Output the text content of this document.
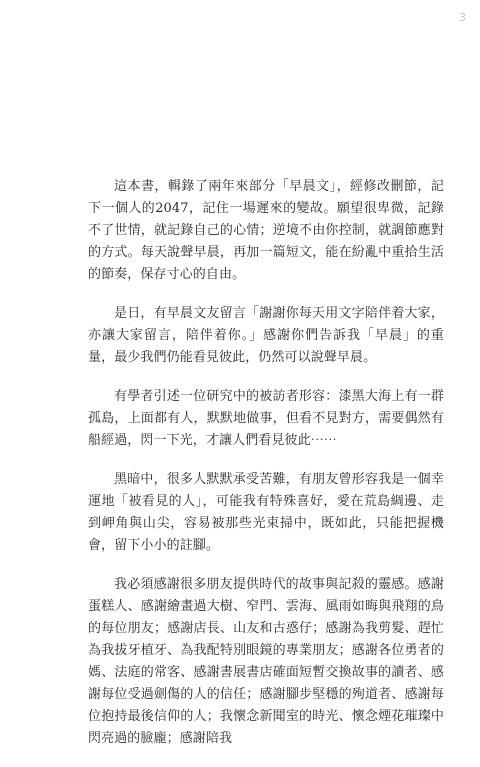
3

這本書，輯錄了兩年來部分「早晨文」，經修改刪節，記下一個人的2047，記住一場遲來的變故。願望很卑微，記錄不了世情，就記錄自己的心情；逆境不由你控制，就調節應對的方式。每天說聲早晨，再加一篇短文，能在紛亂中重拾生活的節奏，保存寸心的自由。

是日，有早晨文友留言「謝謝你每天用文字陪伴着大家，亦讓大家留言，陪伴着你。」感謝你們告訴我「早晨」的重量，最少我們仍能看見彼此，仍然可以說聲早晨。

有學者引述一位研究中的被訪者形容：漆黑大海上有一群孤島，上面都有人，默默地做事，但看不見對方，需要偶然有船經過，閃一下光，才讓人們看見彼此⋯⋯

黑暗中，很多人默默承受苦難，有朋友曾形容我是一個幸運地「被看見的人」，可能我有特殊喜好，愛在荒島綢邊、走到岬角與山尖，容易被那些光束掃中，既如此，只能把握機會，留下小小的註腳。

我必須感謝很多朋友提供時代的故事與記殺的靈感。感謝蛋糕人、感謝繪畫過大樹、窄門、雲海、風雨如晦與飛翔的鳥的每位朋友；感謝店長、山友和古惑仔；感謝為我剪髮、趕忙為我拔牙植牙、為我配特別眼鏡的專業朋友；感謝各位勇者的媽、法庭的常客、感謝書展書店確面短暫交換故事的讀者、感謝每位受過劍傷的人的信任；感謝腳步堅穩的殉道者、感謝每位抱持最後信仰的人；我懷念新聞室的時光、懷念煙花璀璨中閃亮過的臉龐；感謝陪我
